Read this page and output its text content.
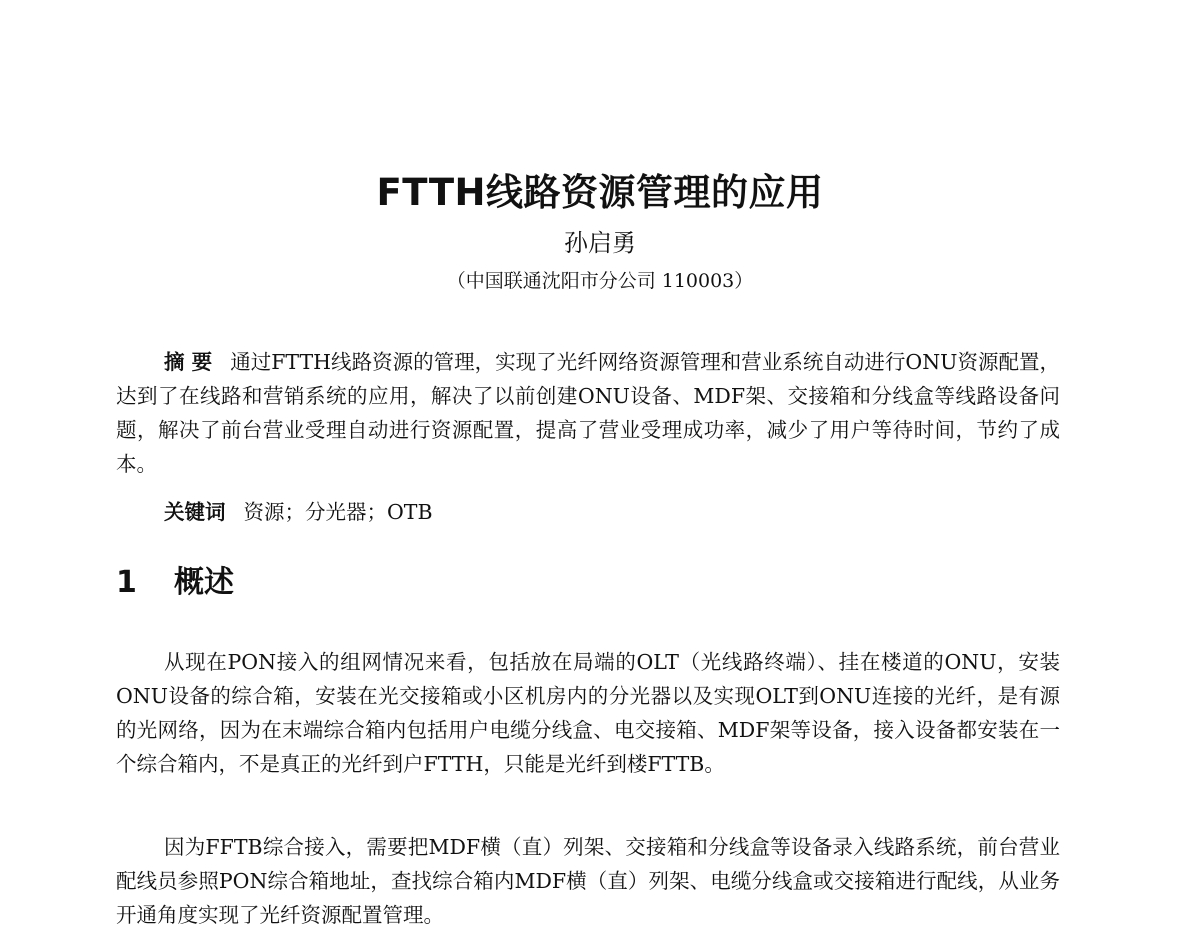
FTTH线路资源管理的应用
孙启勇
（中国联通沈阳市分公司 110003）

摘 要 通过FTTH线路资源的管理，实现了光纤网络资源管理和营业系统自动进行ONU资源配置，达到了在线路和营销系统的应用，解决了以前创建ONU设备、MDF架、交接箱和分线盒等线路设备问题，解决了前台营业受理自动进行资源配置，提高了营业受理成功率，减少了用户等待时间，节约了成本。

关键词 资源；分光器；OTB

1 概述

从现在PON接入的组网情况来看，包括放在局端的OLT（光线路终端）、挂在楼道的ONU，安装ONU设备的综合箱，安装在光交接箱或小区机房内的分光器以及实现OLT到ONU连接的光纤，是有源的光网络，因为在末端综合箱内包括用户电缆分线盒、电交接箱、MDF架等设备，接入设备都安装在一个综合箱内，不是真正的光纤到户FTTH，只能是光纤到楼FTTB。

因为FFTB综合接入，需要把MDF横（直）列架、交接箱和分线盒等设备录入线路系统，前台营业配线员参照PON综合箱地址，查找综合箱内MDF横（直）列架、电缆分线盒或交接箱进行配线，从业务开通角度实现了光纤资源配置管理。
